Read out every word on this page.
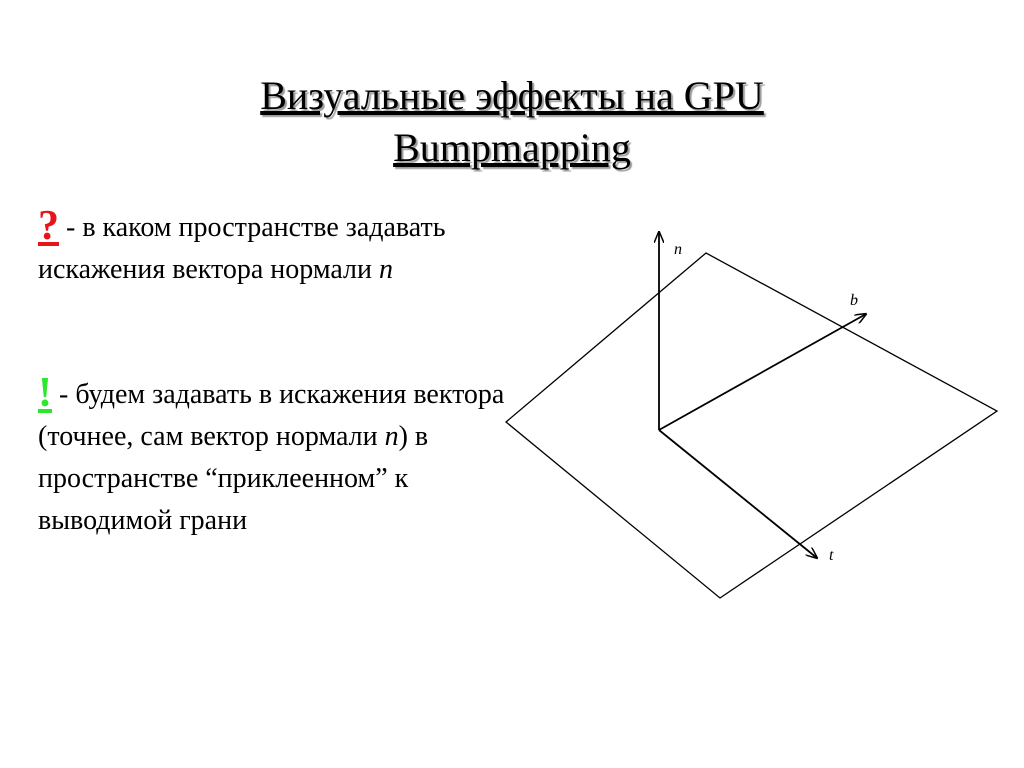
Визуальные эффекты на GPU
Bumpmapping
? - в каком пространстве задавать искажения вектора нормали n
! - будем задавать в искажения вектора (точнее, сам вектор нормали n) в пространстве “приклеенном” к выводимой грани
n
b
t
